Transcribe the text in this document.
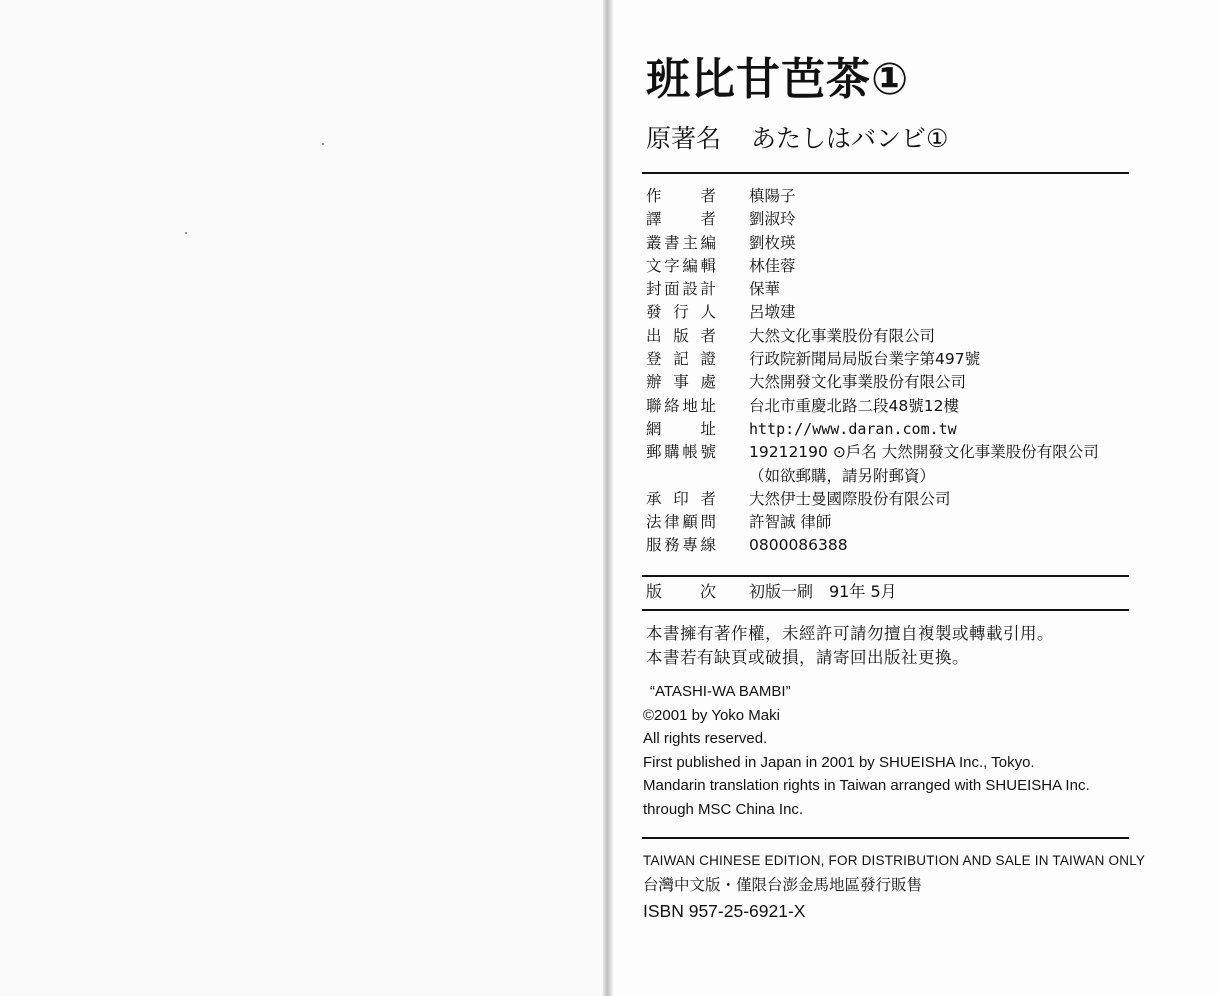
班比甘芭茶①
原著名 あたしはバンビ①
作	者 槙陽子
譯	者 劉淑玲
叢 書 主 編 劉枚瑛
文 字 編 輯 林佳蓉
封 面 設 計 保華
發 行 人 呂墩建
出 版 者 大然文化事業股份有限公司
登 記 證 行政院新聞局局版台業字第497號
辦 事 處 大然開發文化事業股份有限公司
聯 絡 地 址 台北市重慶北路二段48號12樓
網	址 http://www.daran.com.tw
郵 購 帳 號 19212190 ⊙戶名 大然開發文化事業股份有限公司
（如欲郵購，請另附郵資）
承 印 者 大然伊士曼國際股份有限公司
法 律 顧 問 許智誠 律師
服 務 專 線 0800086388
版 次 初版一刷　91年 5月
本書擁有著作權，未經許可請勿擅自複製或轉載引用。
本書若有缺頁或破損，請寄回出版社更換。
“ATASHI-WA BAMBI”
©2001 by Yoko Maki
All rights reserved.
First published in Japan in 2001 by SHUEISHA Inc., Tokyo.
Mandarin translation rights in Taiwan arranged with SHUEISHA Inc.
through MSC China Inc.
TAIWAN CHINESE EDITION, FOR DISTRIBUTION AND SALE IN TAIWAN ONLY
台灣中文版・僅限台澎金馬地區發行販售
ISBN 957-25-6921-X
